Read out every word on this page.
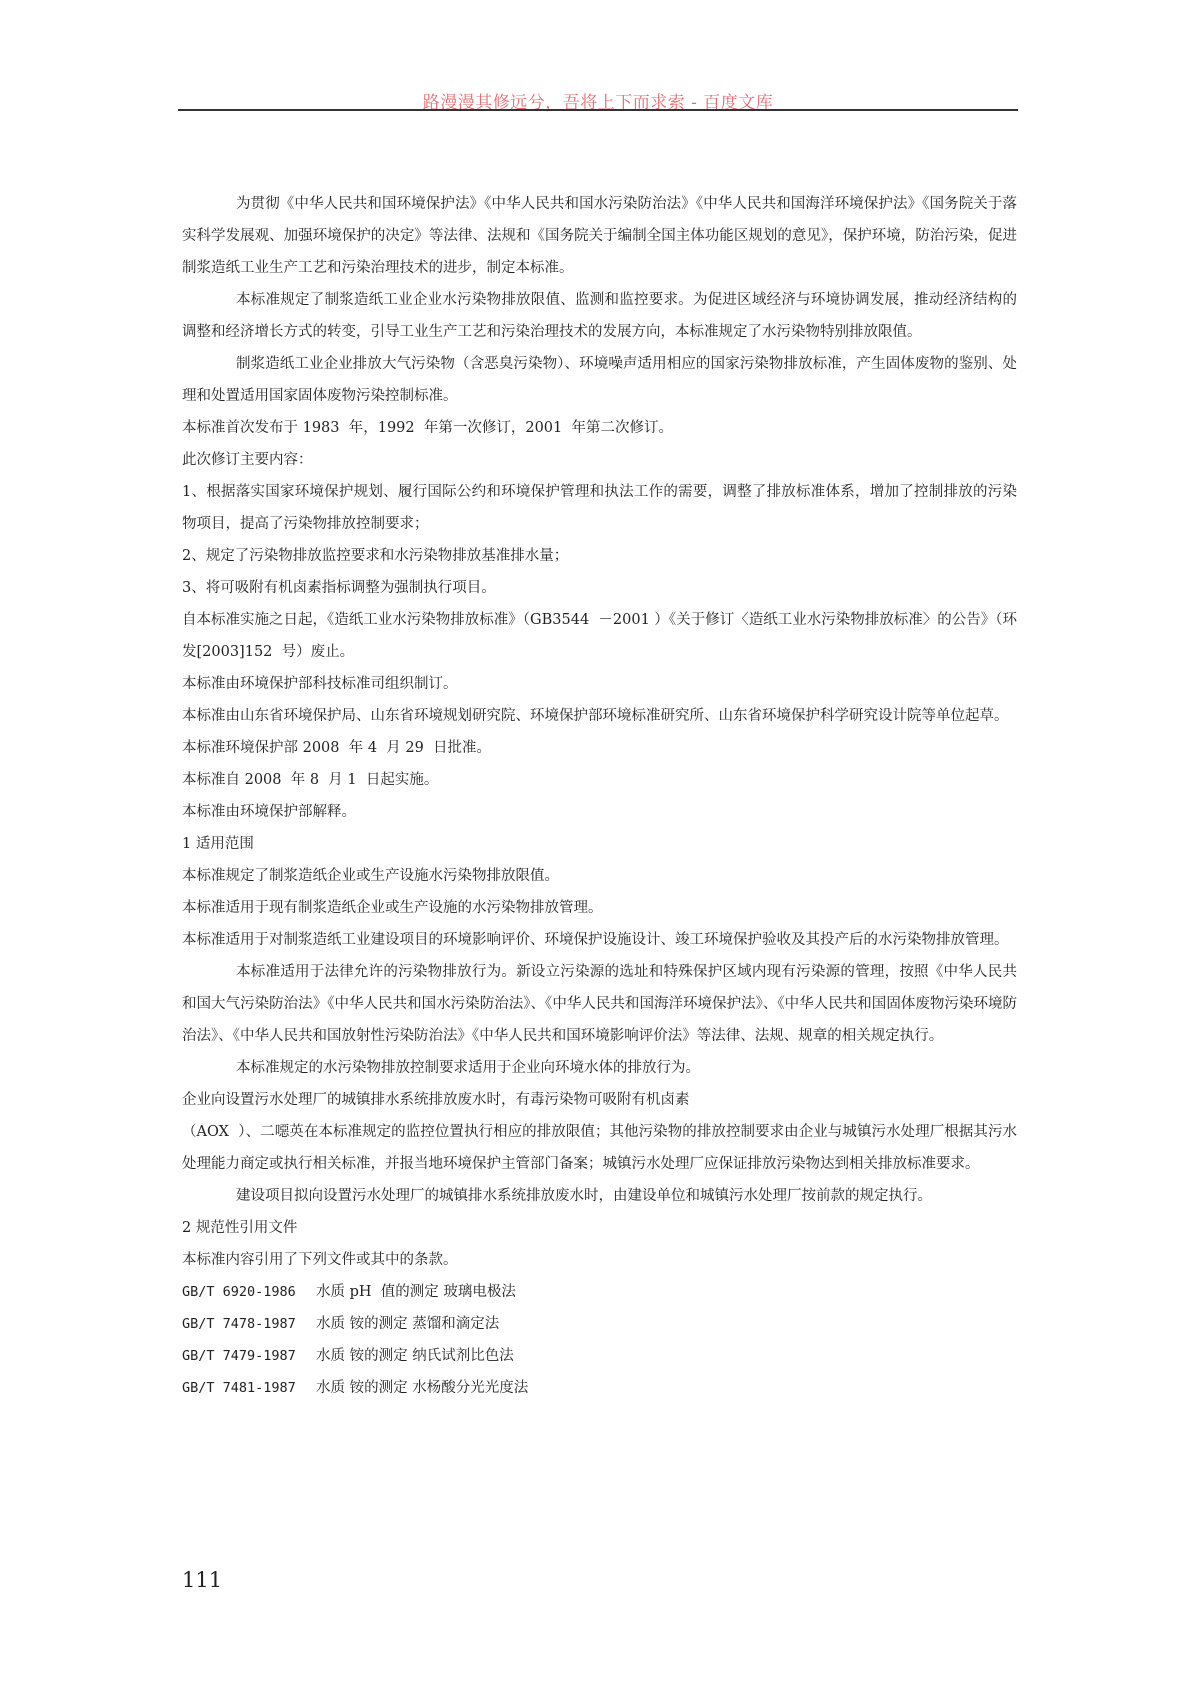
路漫漫其修远兮，吾将上下而求索 - 百度文库

为贯彻《中华人民共和国环境保护法》《中华人民共和国水污染防治法》《中华人民共和国海洋环境保护法》《国务院关于落实科学发展观、加强环境保护的决定》等法律、法规和《国务院关于编制全国主体功能区规划的意见》，保护环境，防治污染，促进制浆造纸工业生产工艺和污染治理技术的进步，制定本标准。

本标准规定了制浆造纸工业企业水污染物排放限值、监测和监控要求。为促进区域经济与环境协调发展，推动经济结构的调整和经济增长方式的转变，引导工业生产工艺和污染治理技术的发展方向，本标准规定了水污染物特别排放限值。

制浆造纸工业企业排放大气污染物（含恶臭污染物）、环境噪声适用相应的国家污染物排放标准，产生固体废物的鉴别、处理和处置适用国家固体废物污染控制标准。

本标准首次发布于 1983  年，1992  年第一次修订，2001  年第二次修订。

此次修订主要内容：

1、根据落实国家环境保护规划、履行国际公约和环境保护管理和执法工作的需要，调整了排放标准体系，增加了控制排放的污染物项目，提高了污染物排放控制要求；

2、规定了污染物排放监控要求和水污染物排放基准排水量；

3、将可吸附有机卤素指标调整为强制执行项目。

自本标准实施之日起，《造纸工业水污染物排放标准》（GB3544  －2001 ）《关于修订〈造纸工业水污染物排放标准〉的公告》（环发[2003]152  号）废止。

本标准由环境保护部科技标准司组织制订。

本标准由山东省环境保护局、山东省环境规划研究院、环境保护部环境标准研究所、山东省环境保护科学研究设计院等单位起草。

本标准环境保护部 2008  年 4  月 29  日批准。

本标准自 2008  年 8  月 1  日起实施。

本标准由环境保护部解释。

1 适用范围

本标准规定了制浆造纸企业或生产设施水污染物排放限值。

本标准适用于现有制浆造纸企业或生产设施的水污染物排放管理。

本标准适用于对制浆造纸工业建设项目的环境影响评价、环境保护设施设计、竣工环境保护验收及其投产后的水污染物排放管理。

本标准适用于法律允许的污染物排放行为。新设立污染源的选址和特殊保护区域内现有污染源的管理，按照《中华人民共和国大气污染防治法》《中华人民共和国水污染防治法》、《中华人民共和国海洋环境保护法》、《中华人民共和国固体废物污染环境防治法》、《中华人民共和国放射性污染防治法》《中华人民共和国环境影响评价法》等法律、法规、规章的相关规定执行。

本标准规定的水污染物排放控制要求适用于企业向环境水体的排放行为。

企业向设置污水处理厂的城镇排水系统排放废水时，有毒污染物可吸附有机卤素

（AOX  ）、二噁英在本标准规定的监控位置执行相应的排放限值；其他污染物的排放控制要求由企业与城镇污水处理厂根据其污水处理能力商定或执行相关标准，并报当地环境保护主管部门备案；城镇污水处理厂应保证排放污染物达到相关排放标准要求。

建设项目拟向设置污水处理厂的城镇排水系统排放废水时，由建设单位和城镇污水处理厂按前款的规定执行。

2 规范性引用文件

本标准内容引用了下列文件或其中的条款。

GB/T 6920-1986 水质 pH  值的测定 玻璃电极法

GB/T 7478-1987 水质 铵的测定 蒸馏和滴定法

GB/T 7479-1987 水质 铵的测定 纳氏试剂比色法

GB/T 7481-1987 水质 铵的测定 水杨酸分光光度法

111
